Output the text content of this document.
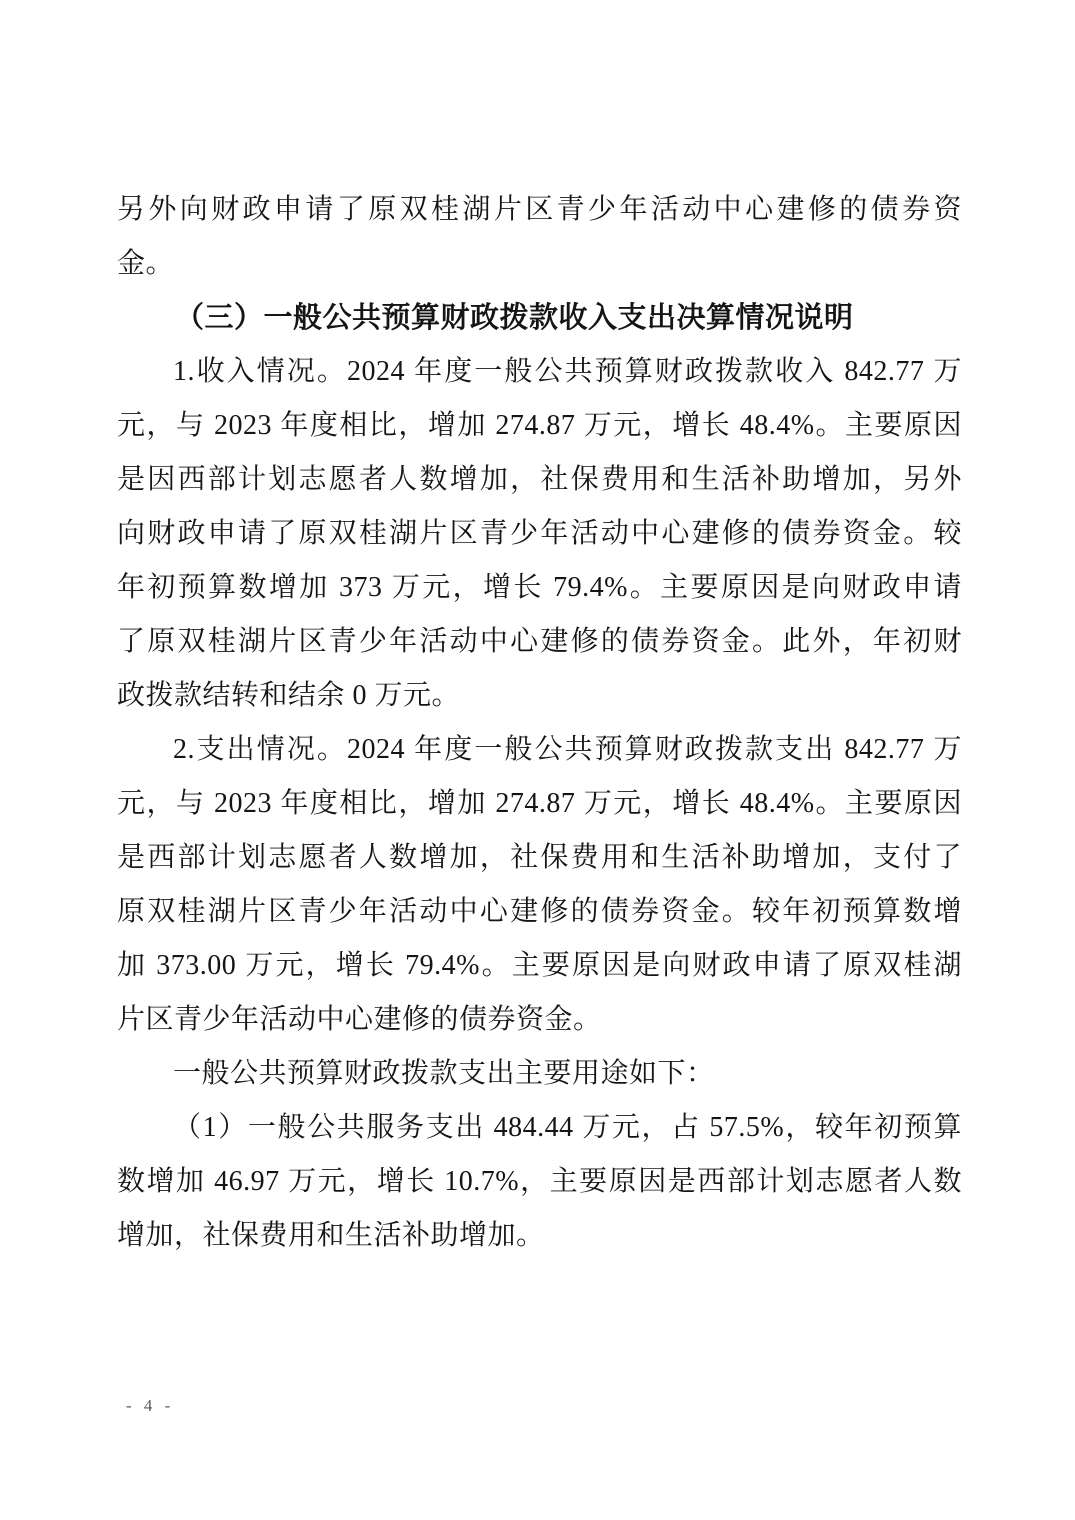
另外向财政申请了原双桂湖片区青少年活动中心建修的债券资
金。
（三）一般公共预算财政拨款收入支出决算情况说明
1.收入情况。2024 年度一般公共预算财政拨款收入 842.77 万
元，与 2023 年度相比，增加 274.87 万元，增长 48.4%。主要原因
是因西部计划志愿者人数增加，社保费用和生活补助增加，另外
向财政申请了原双桂湖片区青少年活动中心建修的债券资金。较
年初预算数增加 373 万元，增长 79.4%。主要原因是向财政申请
了原双桂湖片区青少年活动中心建修的债券资金。此外，年初财
政拨款结转和结余 0 万元。
2.支出情况。2024 年度一般公共预算财政拨款支出 842.77 万
元，与 2023 年度相比，增加 274.87 万元，增长 48.4%。主要原因
是西部计划志愿者人数增加，社保费用和生活补助增加，支付了
原双桂湖片区青少年活动中心建修的债券资金。较年初预算数增
加 373.00 万元，增长 79.4%。主要原因是向财政申请了原双桂湖
片区青少年活动中心建修的债券资金。
一般公共预算财政拨款支出主要用途如下：
（1）一般公共服务支出 484.44 万元，占 57.5%，较年初预算
数增加 46.97 万元，增长 10.7%，主要原因是西部计划志愿者人数
增加，社保费用和生活补助增加。
- 4 -
